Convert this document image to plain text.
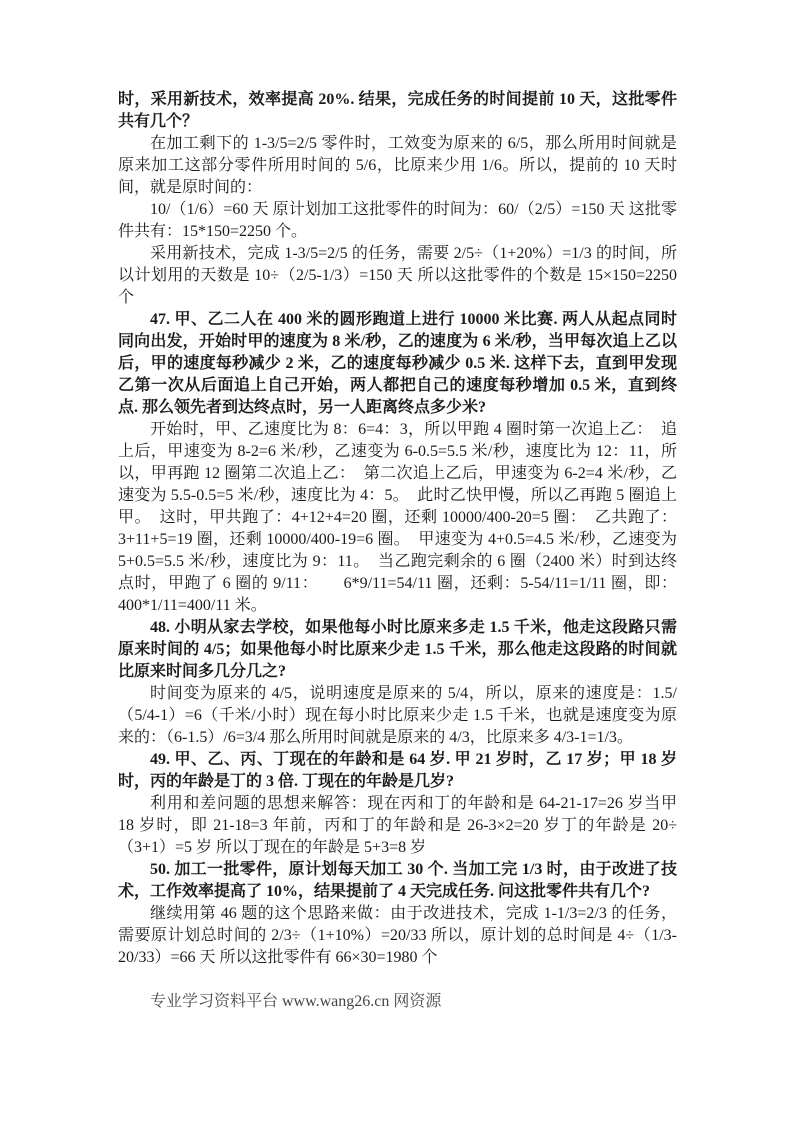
时，采用新技术，效率提高 20%. 结果，完成任务的时间提前 10 天，这批零件共有几个？

在加工剩下的 1-3/5=2/5 零件时，工效变为原来的 6/5，那么所用时间就是原来加工这部分零件所用时间的 5/6，比原来少用 1/6。所以，提前的 10 天时间，就是原时间的：

10/（1/6）=60 天 原计划加工这批零件的时间为：60/（2/5）=150 天 这批零件共有：15*150=2250 个。

采用新技术，完成 1-3/5=2/5 的任务，需要 2/5÷（1+20%）=1/3 的时间，所以计划用的天数是 10÷（2/5-1/3）=150 天 所以这批零件的个数是 15×150=2250 个

47. 甲、乙二人在 400 米的圆形跑道上进行 10000 米比赛. 两人从起点同时同向出发，开始时甲的速度为 8 米/秒，乙的速度为 6 米/秒，当甲每次追上乙以后，甲的速度每秒减少 2 米，乙的速度每秒减少 0.5 米. 这样下去，直到甲发现乙第一次从后面追上自己开始，两人都把自己的速度每秒增加 0.5 米，直到终点. 那么领先者到达终点时，另一人距离终点多少米?

开始时，甲、乙速度比为 8：6=4：3，所以甲跑 4 圈时第一次追上乙：　追上后，甲速变为 8-2=6 米/秒，乙速变为 6-0.5=5.5 米/秒，速度比为 12：11，所以，甲再跑 12 圈第二次追上乙：　第二次追上乙后，甲速变为 6-2=4 米/秒，乙速变为 5.5-0.5=5 米/秒，速度比为 4：5。　此时乙快甲慢，所以乙再跑 5 圈追上甲。　这时，甲共跑了：4+12+4=20 圈，还剩 10000/400-20=5 圈：　乙共跑了：3+11+5=19 圈，还剩 10000/400-19=6 圈。　甲速变为 4+0.5=4.5 米/秒，乙速变为 5+0.5=5.5 米/秒，速度比为 9：11。　当乙跑完剩余的 6 圈（2400 米）时到达终点时，甲跑了 6 圈的 9/11：　　6*9/11=54/11 圈，还剩：5-54/11=1/11 圈，即：400*1/11=400/11 米。

48. 小明从家去学校，如果他每小时比原来多走 1.5 千米，他走这段路只需原来时间的 4/5；如果他每小时比原来少走 1.5 千米，那么他走这段路的时间就比原来时间多几分几之?

时间变为原来的 4/5，说明速度是原来的 5/4，所以，原来的速度是：1.5/（5/4-1）=6（千米/小时）现在每小时比原来少走 1.5 千米，也就是速度变为原来的：（6-1.5）/6=3/4 那么所用时间就是原来的 4/3，比原来多 4/3-1=1/3。

49. 甲、乙、丙、丁现在的年龄和是 64 岁. 甲 21 岁时，乙 17 岁；甲 18 岁时，丙的年龄是丁的 3 倍. 丁现在的年龄是几岁?

利用和差问题的思想来解答：现在丙和丁的年龄和是 64-21-17=26 岁当甲 18 岁时，即 21-18=3 年前，丙和丁的年龄和是 26-3×2=20 岁丁的年龄是 20÷（3+1）=5 岁 所以丁现在的年龄是 5+3=8 岁

50. 加工一批零件，原计划每天加工 30 个. 当加工完 1/3 时，由于改进了技术，工作效率提高了 10%，结果提前了 4 天完成任务. 问这批零件共有几个?

继续用第 46 题的这个思路来做：由于改进技术，完成 1-1/3=2/3 的任务，需要原计划总时间的 2/3÷（1+10%）=20/33 所以，原计划的总时间是 4÷（1/3-20/33）=66 天 所以这批零件有 66×30=1980 个

专业学习资料平台 www.wang26.cn 网资源
